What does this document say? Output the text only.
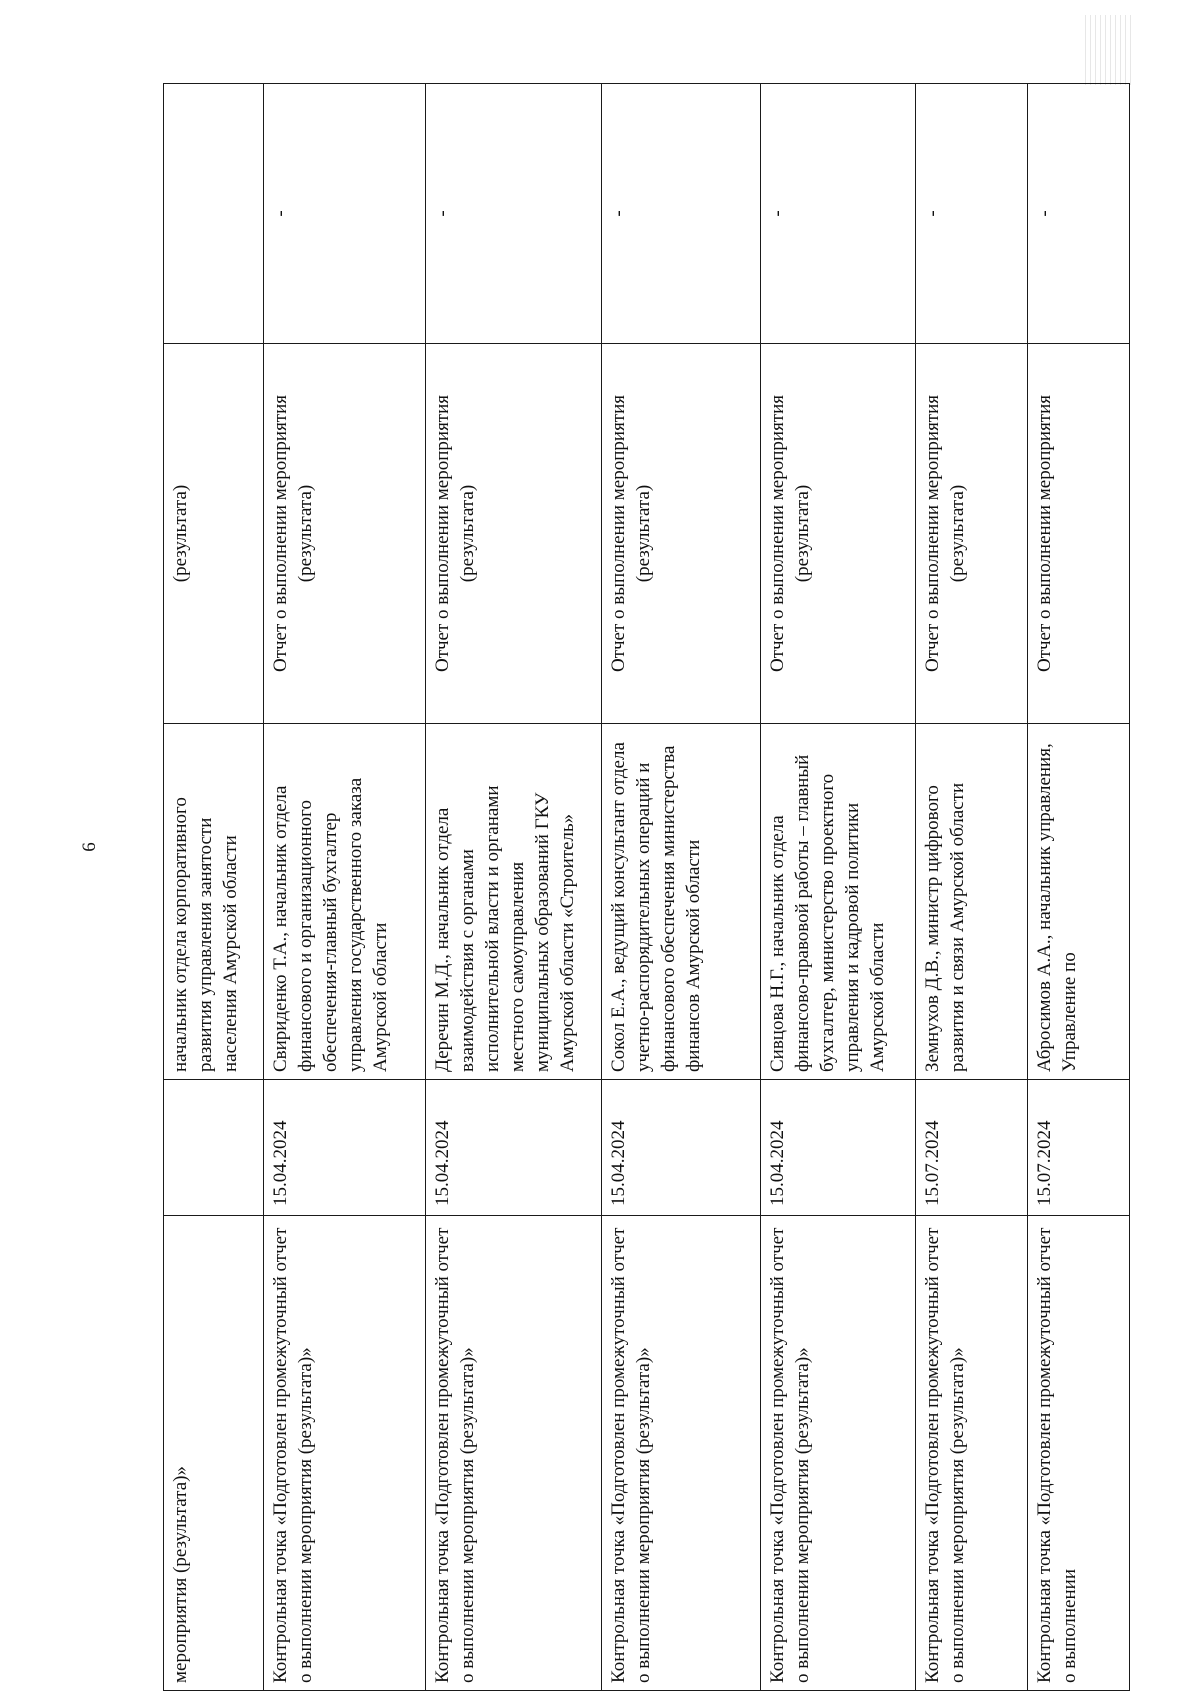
6
мероприятия (результата)»		начальник отдела корпоративного развития управления занятости населения Амурской области	(результата)	
Контрольная точка «Подготовлен промежуточный отчет о выполнении мероприятия (результата)»	15.04.2024	Свириденко Т.А., начальник отдела финансового и организационного обеспечения-главный бухгалтер управления государственного заказа Амурской области	Отчет о выполнении мероприятия (результата)	-
Контрольная точка «Подготовлен промежуточный отчет о выполнении мероприятия (результата)»	15.04.2024	Деречин М.Д., начальник отдела взаимодействия с органами исполнительной власти и органами местного самоуправления муниципальных образований ГКУ Амурской области «Строитель»	Отчет о выполнении мероприятия (результата)	-
Контрольная точка «Подготовлен промежуточный отчет о выполнении мероприятия (результата)»	15.04.2024	Сокол Е.А., ведущий консультант отдела учетно-распорядительных операций и финансового обеспечения министерства финансов Амурской области	Отчет о выполнении мероприятия (результата)	-
Контрольная точка «Подготовлен промежуточный отчет о выполнении мероприятия (результата)»	15.04.2024	Сивцова Н.Г., начальник отдела финансово-правовой работы – главный бухгалтер, министерство проектного управления и кадровой политики Амурской области	Отчет о выполнении мероприятия (результата)	-
Контрольная точка «Подготовлен промежуточный отчет о выполнении мероприятия (результата)»	15.07.2024	Земнухов Д.В., министр цифрового развития и связи Амурской области	Отчет о выполнении мероприятия (результата)	-
Контрольная точка «Подготовлен промежуточный отчет о выполнении	15.07.2024	Абросимов А.А., начальник управления, Управление по	Отчет о выполнении мероприятия	-
